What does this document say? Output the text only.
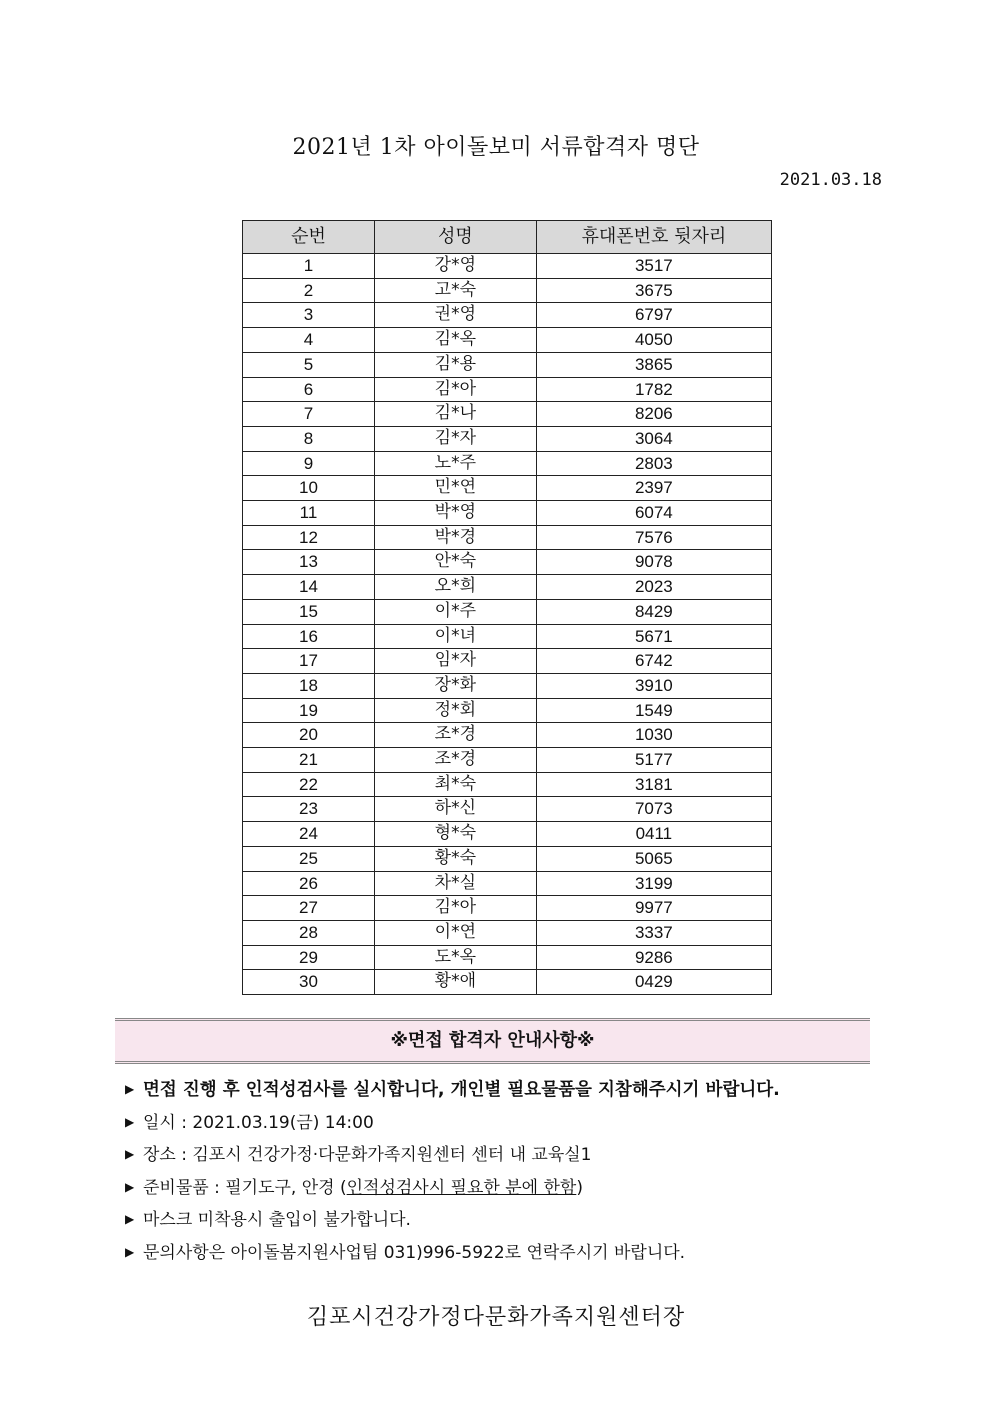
2021년 1차 아이돌보미 서류합격자 명단
2021.03.18
순번	성명	휴대폰번호 뒷자리
1	강*영	3517
2	고*숙	3675
3	권*영	6797
4	김*옥	4050
5	김*용	3865
6	김*아	1782
7	김*나	8206
8	김*자	3064
9	노*주	2803
10	민*연	2397
11	박*영	6074
12	박*경	7576
13	안*숙	9078
14	오*희	2023
15	이*주	8429
16	이*녀	5671
17	임*자	6742
18	장*화	3910
19	정*회	1549
20	조*경	1030
21	조*경	5177
22	최*숙	3181
23	하*신	7073
24	형*숙	0411
25	황*숙	5065
26	차*실	3199
27	김*아	9977
28	이*연	3337
29	도*옥	9286
30	황*애	0429
※면접 합격자 안내사항※
▶ 면접 진행 후 인적성검사를 실시합니다, 개인별 필요물품을 지참해주시기 바랍니다.
▶ 일시 : 2021.03.19(금) 14:00
▶ 장소 : 김포시 건강가정·다문화가족지원센터 센터 내 교육실1
▶ 준비물품 : 필기도구, 안경 (인적성검사시 필요한 분에 한함)
▶ 마스크 미착용시 출입이 불가합니다.
▶ 문의사항은 아이돌봄지원사업팀 031)996-5922로 연락주시기 바랍니다.
김포시건강가정다문화가족지원센터장
